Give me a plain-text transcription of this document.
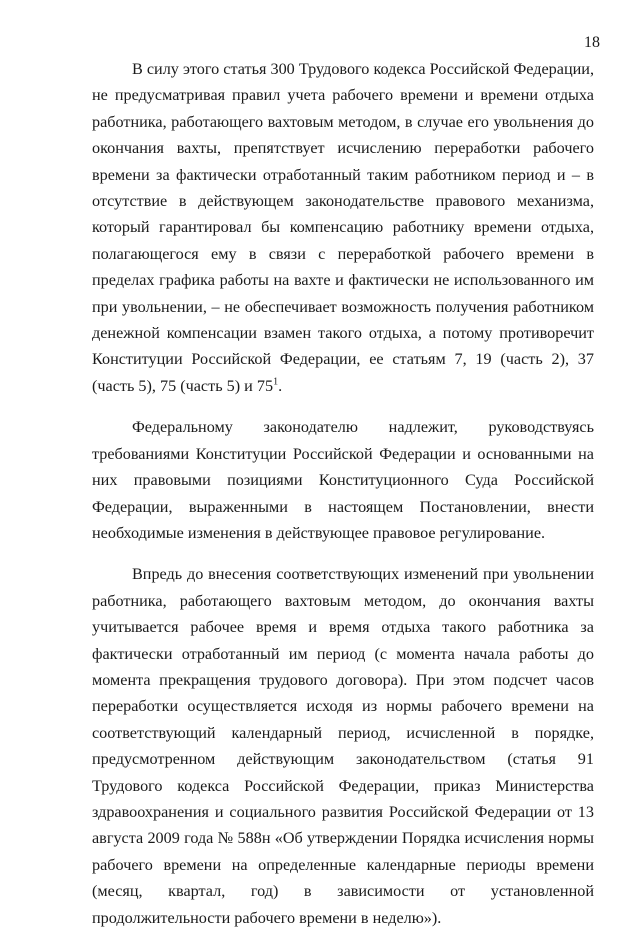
18

В силу этого статья 300 Трудового кодекса Российской Федерации, не предусматривая правил учета рабочего времени и времени отдыха работника, работающего вахтовым методом, в случае его увольнения до окончания вахты, препятствует исчислению переработки рабочего времени за фактически отработанный таким работником период и – в отсутствие в действующем законодательстве правового механизма, который гарантировал бы компенсацию работнику времени отдыха, полагающегося ему в связи с переработкой рабочего времени в пределах графика работы на вахте и фактически не использованного им при увольнении, – не обеспечивает возможность получения работником денежной компенсации взамен такого отдыха, а потому противоречит Конституции Российской Федерации, ее статьям 7, 19 (часть 2), 37 (часть 5), 75 (часть 5) и $75^1$.

Федеральному законодателю надлежит, руководствуясь требованиями Конституции Российской Федерации и основанными на них правовыми позициями Конституционного Суда Российской Федерации, выраженными в настоящем Постановлении, внести необходимые изменения в действующее правовое регулирование.

Впредь до внесения соответствующих изменений при увольнении работника, работающего вахтовым методом, до окончания вахты учитывается рабочее время и время отдыха такого работника за фактически отработанный им период (с момента начала работы до момента прекращения трудового договора). При этом подсчет часов переработки осуществляется исходя из нормы рабочего времени на соответствующий календарный период, исчисленной в порядке, предусмотренном действующим законодательством (статья 91 Трудового кодекса Российской Федерации, приказ Министерства здравоохранения и социального развития Российской Федерации от 13 августа 2009 года № 588н «Об утверждении Порядка исчисления нормы рабочего времени на определенные календарные периоды времени (месяц, квартал, год) в зависимости от установленной продолжительности рабочего времени в неделю»).
